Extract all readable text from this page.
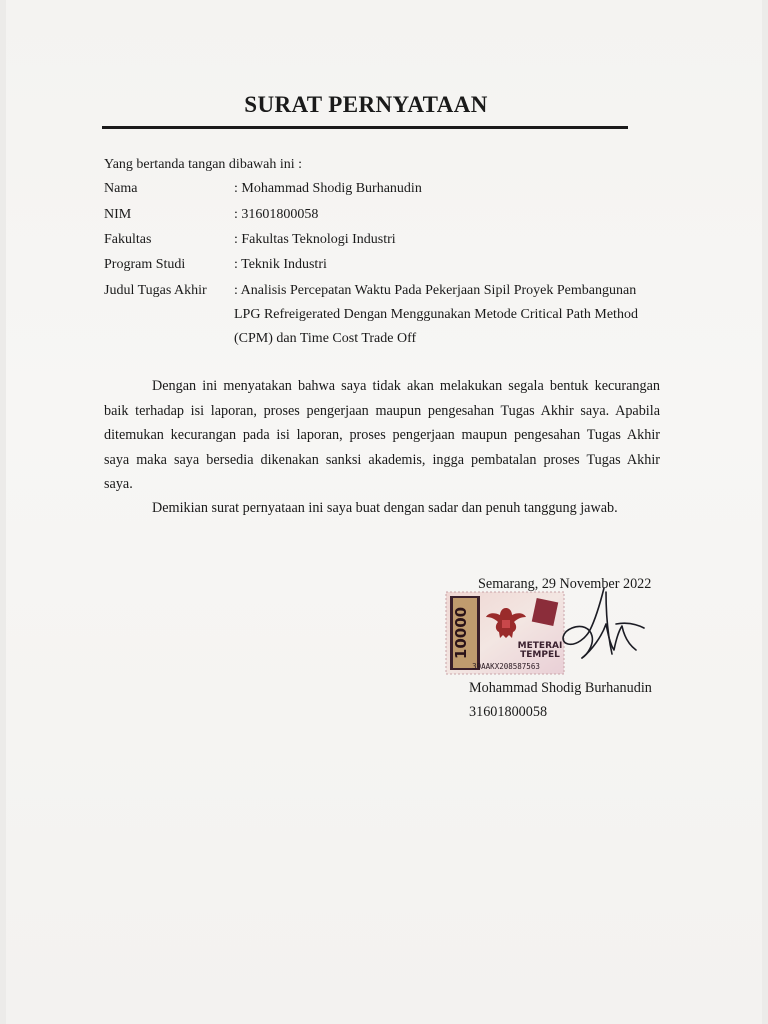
SURAT PERNYATAAN
Yang bertanda tangan dibawah ini :
Nama	: Mohammad Shodig Burhanudin
NIM	: 31601800058
Fakultas	: Fakultas Teknologi Industri
Program Studi	: Teknik Industri
Judul Tugas Akhir	: Analisis Percepatan Waktu Pada Pekerjaan Sipil Proyek Pembangunan
LPG Refreigerated Dengan Menggunakan Metode Critical Path Method
(CPM) dan Time Cost Trade Off
Dengan ini menyatakan bahwa saya tidak akan melakukan segala bentuk kecurangan
baik terhadap isi laporan, proses pengerjaan maupun pengesahan Tugas Akhir saya. Apabila
ditemukan kecurangan pada isi laporan, proses pengerjaan maupun pengesahan Tugas Akhir
saya maka saya bersedia dikenakan sanksi akademis, ingga pembatalan proses Tugas Akhir
saya.
Demikian surat pernyataan ini saya buat dengan sadar dan penuh tanggung jawab.
10000	METERAI
TEMPEL
39AAKX208587563
Semarang, 29 November 2022
Mohammad Shodig Burhanudin
31601800058
